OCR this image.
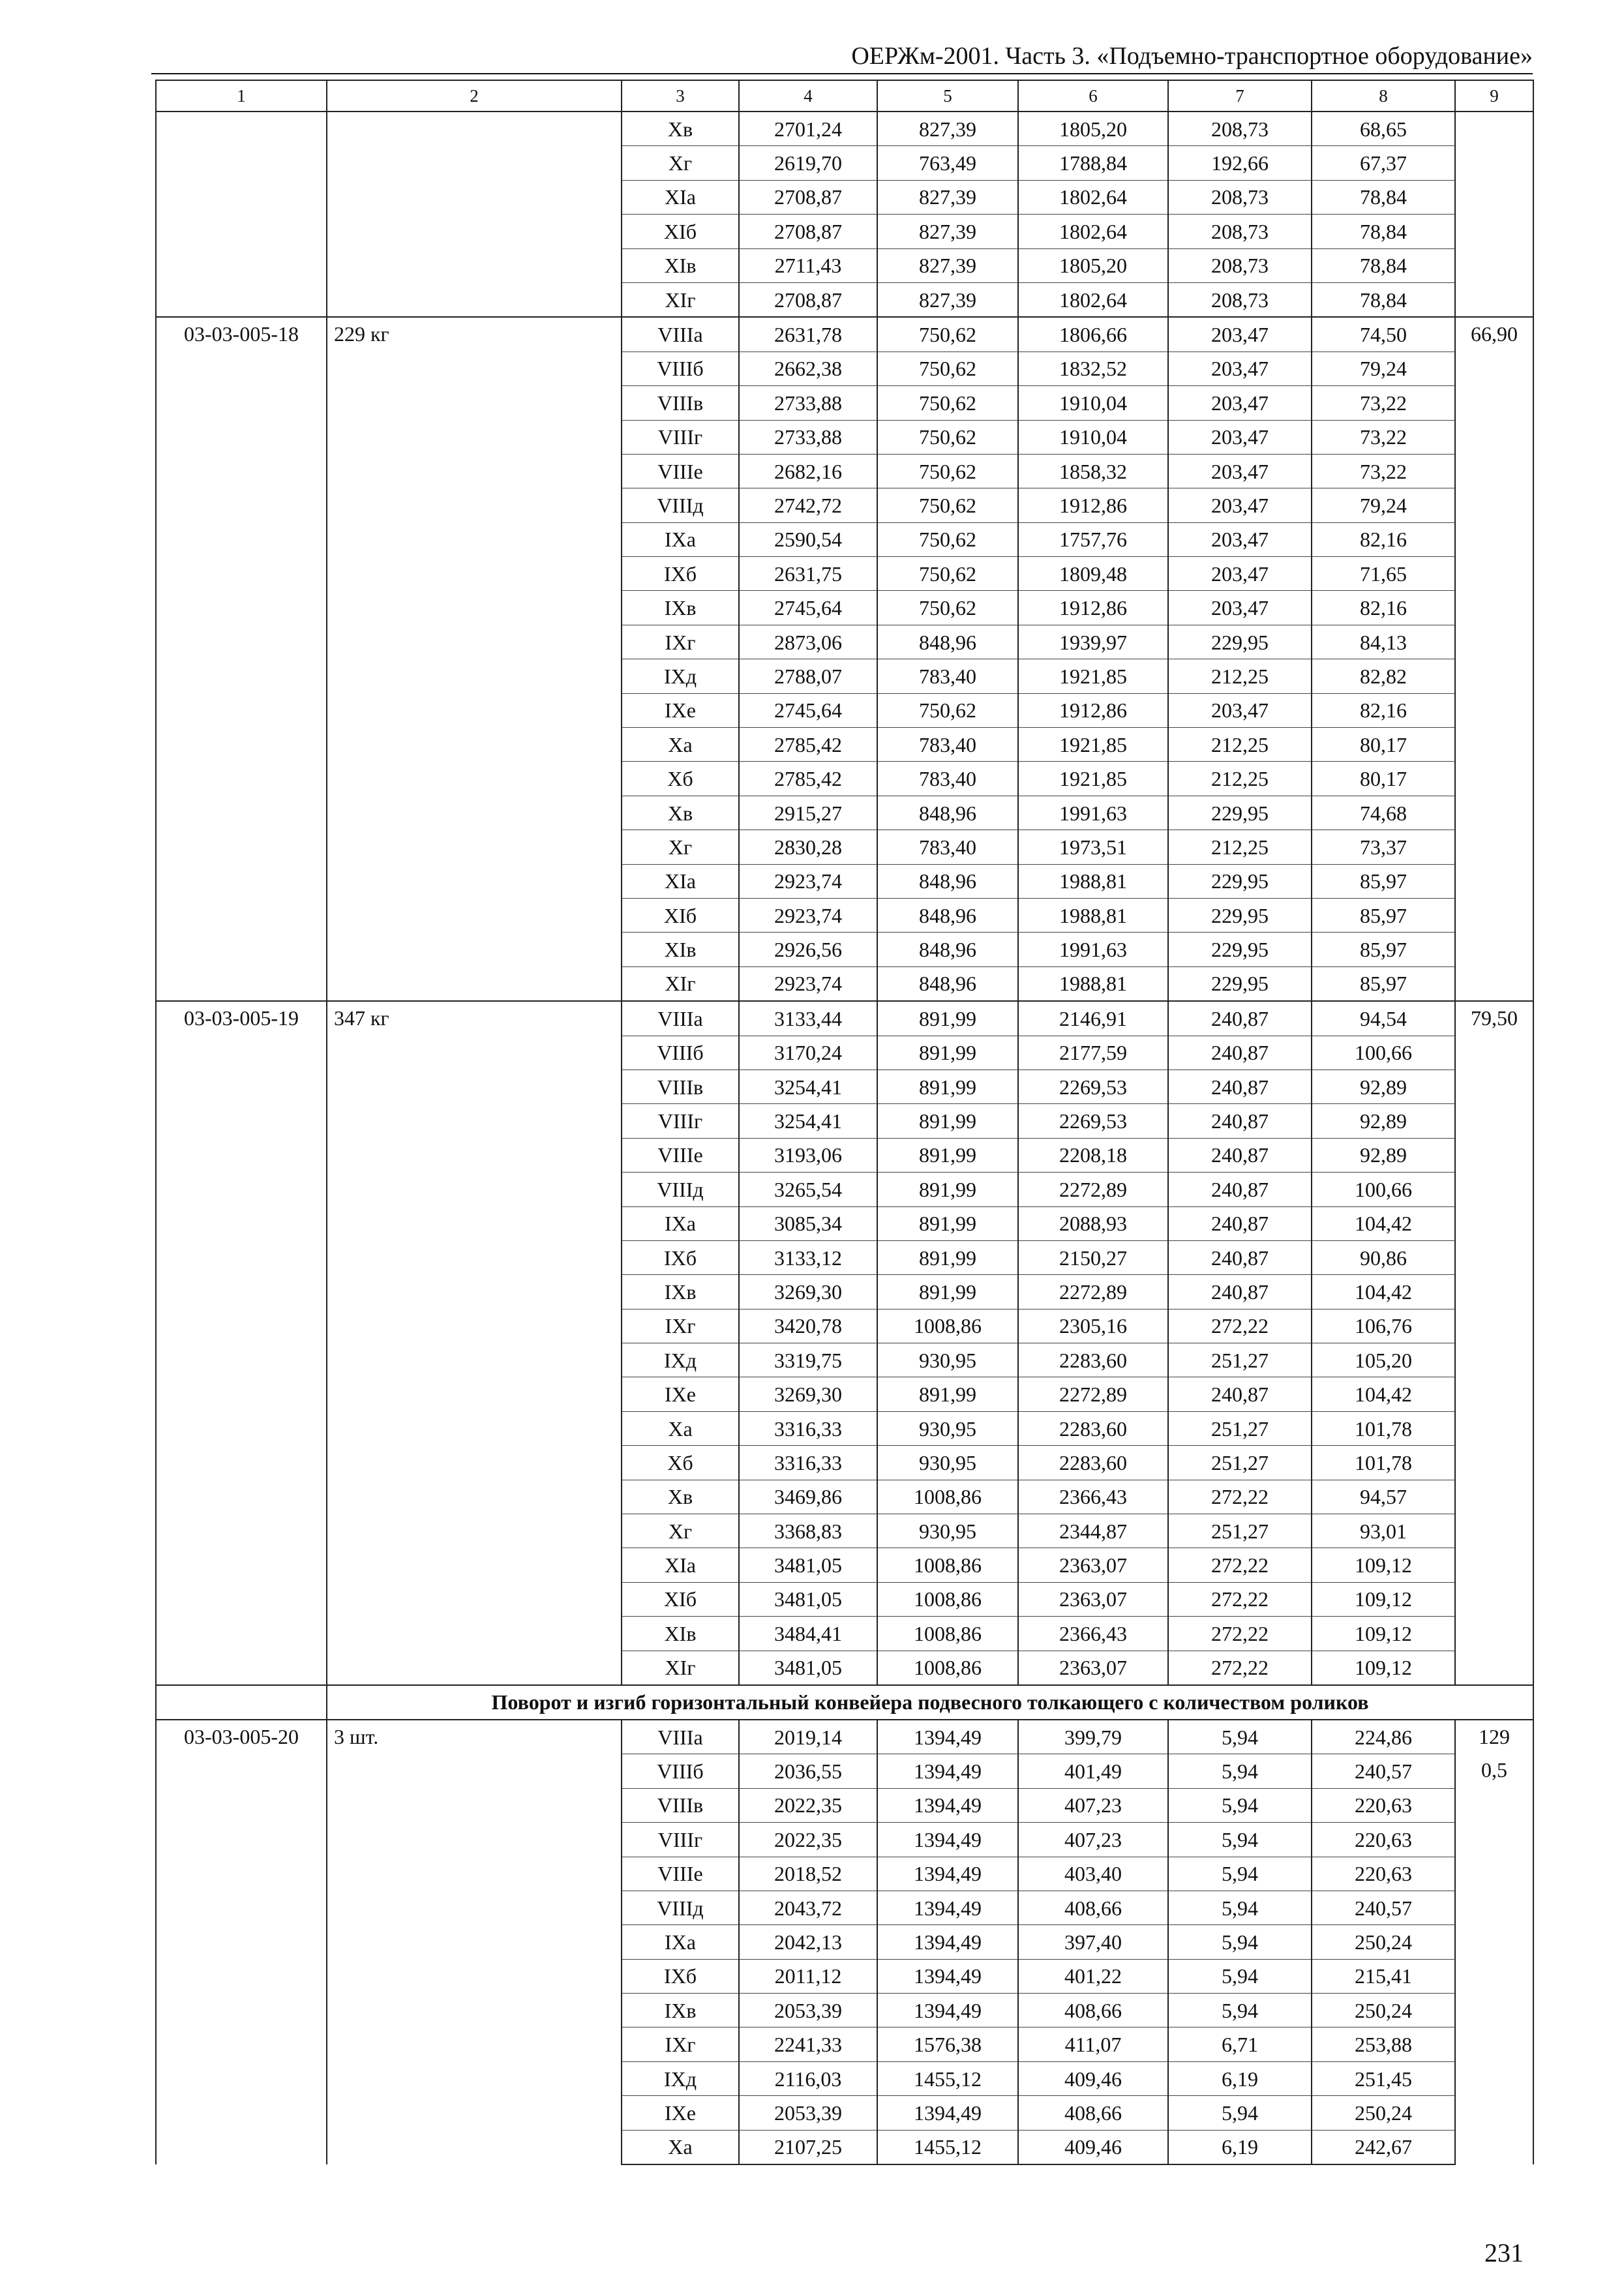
ОЕРЖм-2001. Часть 3. «Подъемно-транспортное оборудование»
1	2	3	4	5	6	7	8	9
		Xв	2701,24	827,39	1805,20	208,73	68,65	
		Xг	2619,70	763,49	1788,84	192,66	67,37	
		XIа	2708,87	827,39	1802,64	208,73	78,84	
		XIб	2708,87	827,39	1802,64	208,73	78,84	
		XIв	2711,43	827,39	1805,20	208,73	78,84	
		XIг	2708,87	827,39	1802,64	208,73	78,84	
03-03-005-18	229 кг	VIIIа	2631,78	750,62	1806,66	203,47	74,50	66,90

		VIIIб	2662,38	750,62	1832,52	203,47	79,24	
		VIIIв	2733,88	750,62	1910,04	203,47	73,22	
		VIIIг	2733,88	750,62	1910,04	203,47	73,22	
		VIIIе	2682,16	750,62	1858,32	203,47	73,22	
		VIIIд	2742,72	750,62	1912,86	203,47	79,24	
		IXа	2590,54	750,62	1757,76	203,47	82,16	
		IXб	2631,75	750,62	1809,48	203,47	71,65	
		IXв	2745,64	750,62	1912,86	203,47	82,16	
		IXг	2873,06	848,96	1939,97	229,95	84,13	
		IXд	2788,07	783,40	1921,85	212,25	82,82	
		IXе	2745,64	750,62	1912,86	203,47	82,16	
		Xа	2785,42	783,40	1921,85	212,25	80,17	
		Xб	2785,42	783,40	1921,85	212,25	80,17	
		Xв	2915,27	848,96	1991,63	229,95	74,68	
		Xг	2830,28	783,40	1973,51	212,25	73,37	
		XIа	2923,74	848,96	1988,81	229,95	85,97	
		XIб	2923,74	848,96	1988,81	229,95	85,97	
		XIв	2926,56	848,96	1991,63	229,95	85,97	
		XIг	2923,74	848,96	1988,81	229,95	85,97	
03-03-005-19	347 кг	VIIIа	3133,44	891,99	2146,91	240,87	94,54	79,50

		VIIIб	3170,24	891,99	2177,59	240,87	100,66	
		VIIIв	3254,41	891,99	2269,53	240,87	92,89	
		VIIIг	3254,41	891,99	2269,53	240,87	92,89	
		VIIIе	3193,06	891,99	2208,18	240,87	92,89	
		VIIIд	3265,54	891,99	2272,89	240,87	100,66	
		IXа	3085,34	891,99	2088,93	240,87	104,42	
		IXб	3133,12	891,99	2150,27	240,87	90,86	
		IXв	3269,30	891,99	2272,89	240,87	104,42	
		IXг	3420,78	1008,86	2305,16	272,22	106,76	
		IXд	3319,75	930,95	2283,60	251,27	105,20	
		IXе	3269,30	891,99	2272,89	240,87	104,42	
		Xа	3316,33	930,95	2283,60	251,27	101,78	
		Xб	3316,33	930,95	2283,60	251,27	101,78	
		Xв	3469,86	1008,86	2366,43	272,22	94,57	
		Xг	3368,83	930,95	2344,87	251,27	93,01	
		XIа	3481,05	1008,86	2363,07	272,22	109,12	
		XIб	3481,05	1008,86	2363,07	272,22	109,12	
		XIв	3484,41	1008,86	2366,43	272,22	109,12	
		XIг	3481,05	1008,86	2363,07	272,22	109,12	
	Поворот и изгиб горизонтальный конвейера подвесного толкающего с количеством роликов							
03-03-005-20	3 шт.	VIIIа	2019,14	1394,49	399,79	5,94	224,86	129
0,5

		VIIIб	2036,55	1394,49	401,49	5,94	240,57	
		VIIIв	2022,35	1394,49	407,23	5,94	220,63	
		VIIIг	2022,35	1394,49	407,23	5,94	220,63	
		VIIIе	2018,52	1394,49	403,40	5,94	220,63	
		VIIIд	2043,72	1394,49	408,66	5,94	240,57	
		IXа	2042,13	1394,49	397,40	5,94	250,24	
		IXб	2011,12	1394,49	401,22	5,94	215,41	
		IXв	2053,39	1394,49	408,66	5,94	250,24	
		IXг	2241,33	1576,38	411,07	6,71	253,88	
		IXд	2116,03	1455,12	409,46	6,19	251,45	
		IXе	2053,39	1394,49	408,66	5,94	250,24	
		Xа	2107,25	1455,12	409,46	6,19	242,67	
231
